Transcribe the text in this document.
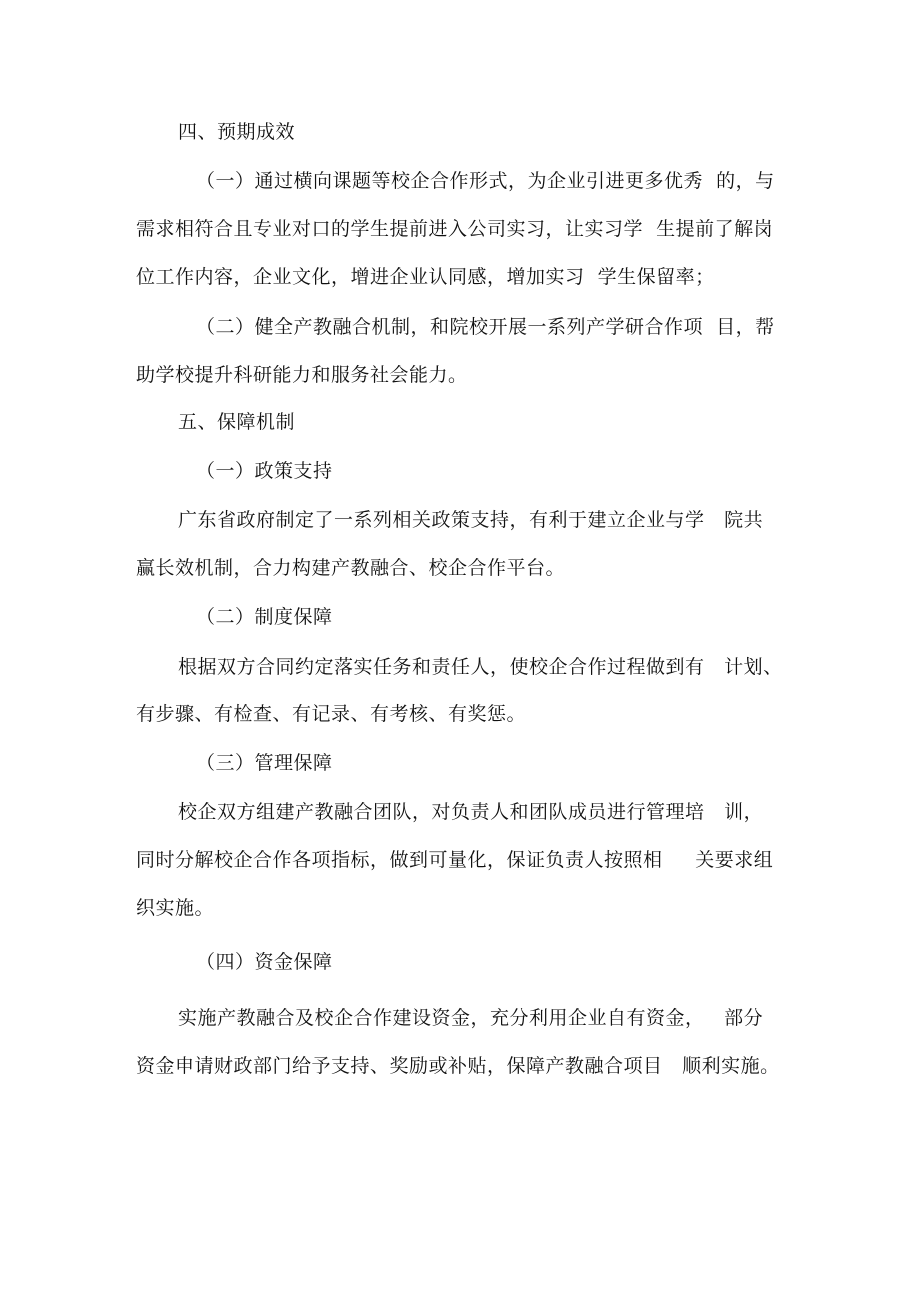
四、预期成效
（一）通过横向课题等校企合作形式，为企业引进更多优秀  的，与
需求相符合且专业对口的学生提前进入公司实习，让实习学  生提前了解岗
位工作内容，企业文化，增进企业认同感，增加实习  学生保留率；
（二）健全产教融合机制，和院校开展一系列产学研合作项  目，帮
助学校提升科研能力和服务社会能力。
五、保障机制
（一）政策支持
广东省政府制定了一系列相关政策支持，有利于建立企业与学   院共
赢长效机制，合力构建产教融合、校企合作平台。
（二）制度保障
根据双方合同约定落实任务和责任人，使校企合作过程做到有   计划、
有步骤、有检查、有记录、有考核、有奖惩。
（三）管理保障
校企双方组建产教融合团队，对负责人和团队成员进行管理培   训，
同时分解校企合作各项指标，做到可量化，保证负责人按照相     关要求组
织实施。
（四）资金保障
实施产教融合及校企合作建设资金，充分利用企业自有资金，   部分
资金申请财政部门给予支持、奖励或补贴，保障产教融合项目   顺利实施。
